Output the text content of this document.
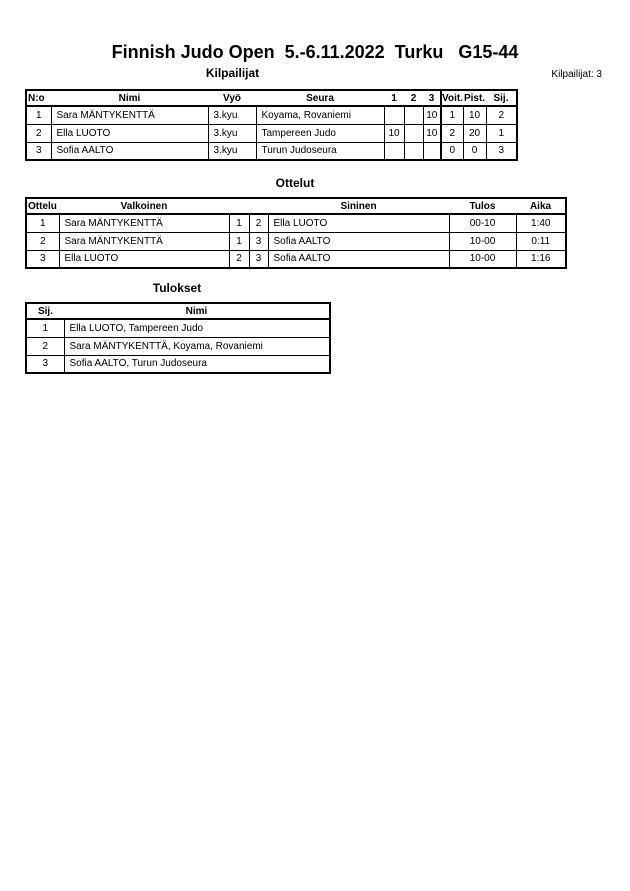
Finnish Judo Open  5.-6.11.2022  Turku   G15-44
Kilpailijat	Kilpailijat: 3
N:o	Nimi	Vyö	Seura	1	2	3	Voit.	Pist.	Sij.
1	Sara MÄNTYKENTTÄ	3.kyu	Koyama, Rovaniemi			10	1	10	2
2	Ella LUOTO	3.kyu	Tampereen Judo	10		10	2	20	1
3	Sofia AALTO	3.kyu	Turun Judoseura				0	0	3
Ottelut
Ottelu	Valkoinen			Sininen	Tulos	Aika
1	Sara MÄNTYKENTTÄ	1	2	Ella LUOTO	00-10	1:40
2	Sara MÄNTYKENTTÄ	1	3	Sofia AALTO	10-00	0:11
3	Ella LUOTO	2	3	Sofia AALTO	10-00	1:16
Tulokset
Sij.	Nimi
1	Ella LUOTO, Tampereen Judo
2	Sara MÄNTYKENTTÄ, Koyama, Rovaniemi
3	Sofia AALTO, Turun Judoseura
